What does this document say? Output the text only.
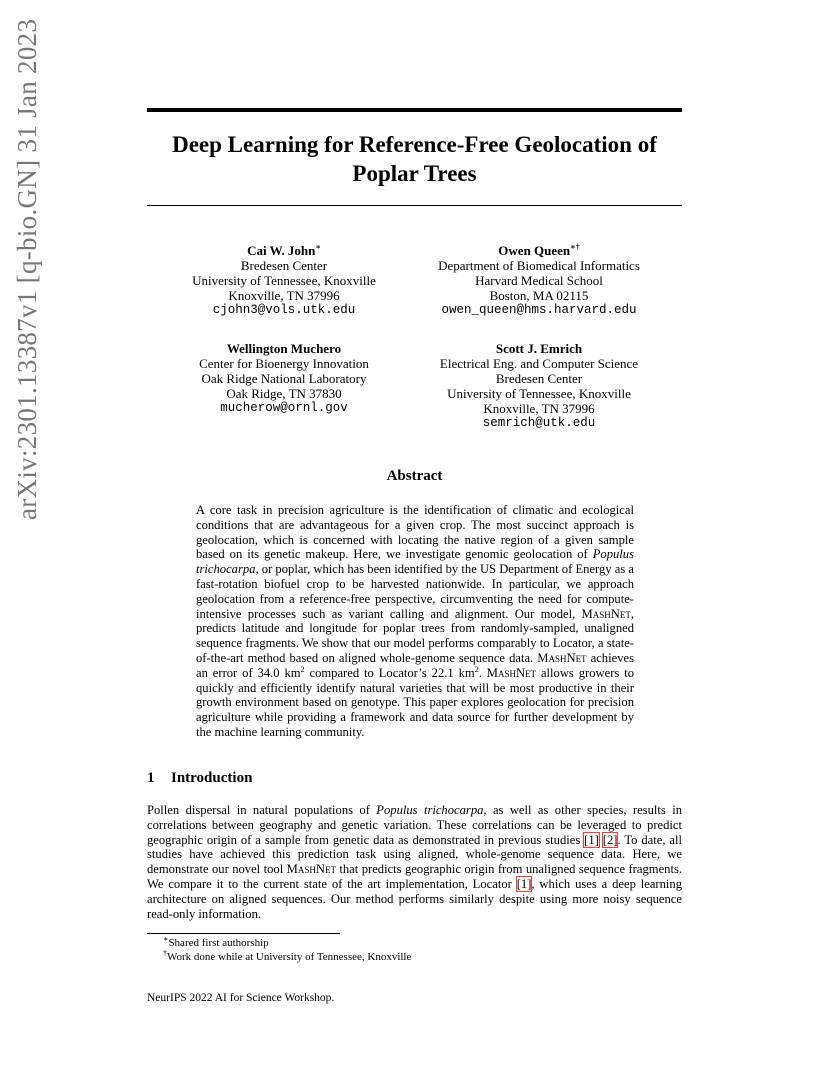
arXiv:2301.13387v1 [q-bio.GN] 31 Jan 2023	Deep Learning for Reference-Free Geolocation of
Poplar Trees
Cai W. John∗
Bredesen Center
University of Tennessee, Knoxville
Knoxville, TN 37996
cjohn3@vols.utk.edu
Owen Queen∗†
Department of Biomedical Informatics
Harvard Medical School
Boston, MA 02115
owen_queen@hms.harvard.edu
Wellington Muchero
Center for Bioenergy Innovation
Oak Ridge National Laboratory
Oak Ridge, TN 37830
mucherow@ornl.gov
Scott J. Emrich
Electrical Eng. and Computer Science
Bredesen Center
University of Tennessee, Knoxville
Knoxville, TN 37996
semrich@utk.edu
Abstract
A core task in precision agriculture is the identification of climatic and ecological conditions that are advantageous for a given crop. The most succinct approach is geolocation, which is concerned with locating the native region of a given sample based on its genetic makeup. Here, we investigate genomic geolocation of Populus trichocarpa, or poplar, which has been identified by the US Department of Energy as a fast-rotation biofuel crop to be harvested nationwide. In particular, we approach geolocation from a reference-free perspective, circumventing the need for compute-intensive processes such as variant calling and alignment. Our model, MashNet, predicts latitude and longitude for poplar trees from randomly-sampled, unaligned sequence fragments. We show that our model performs comparably to Locator, a state-of-the-art method based on aligned whole-genome sequence data. MashNet achieves an error of 34.0 $km^2$ compared to Locator’s 22.1 $km^2$. MashNet allows growers to quickly and efficiently identify natural varieties that will be most productive in their growth environment based on genotype. This paper explores geolocation for precision agriculture while providing a framework and data source for further development by the machine learning community.
1 Introduction
Pollen dispersal in natural populations of Populus trichocarpa, as well as other species, results in correlations between geography and genetic variation. These correlations can be leveraged to predict geographic origin of a sample from genetic data as demonstrated in previous studies [1] [2]. To date, all studies have achieved this prediction task using aligned, whole-genome sequence data. Here, we demonstrate our novel tool MashNet that predicts geographic origin from unaligned sequence fragments. We compare it to the current state of the art implementation, Locator [1], which uses a deep learning architecture on aligned sequences. Our method performs similarly despite using more noisy sequence read-only information.
∗Shared first authorship
†Work done while at University of Tennessee, Knoxville
NeurIPS 2022 AI for Science Workshop.
